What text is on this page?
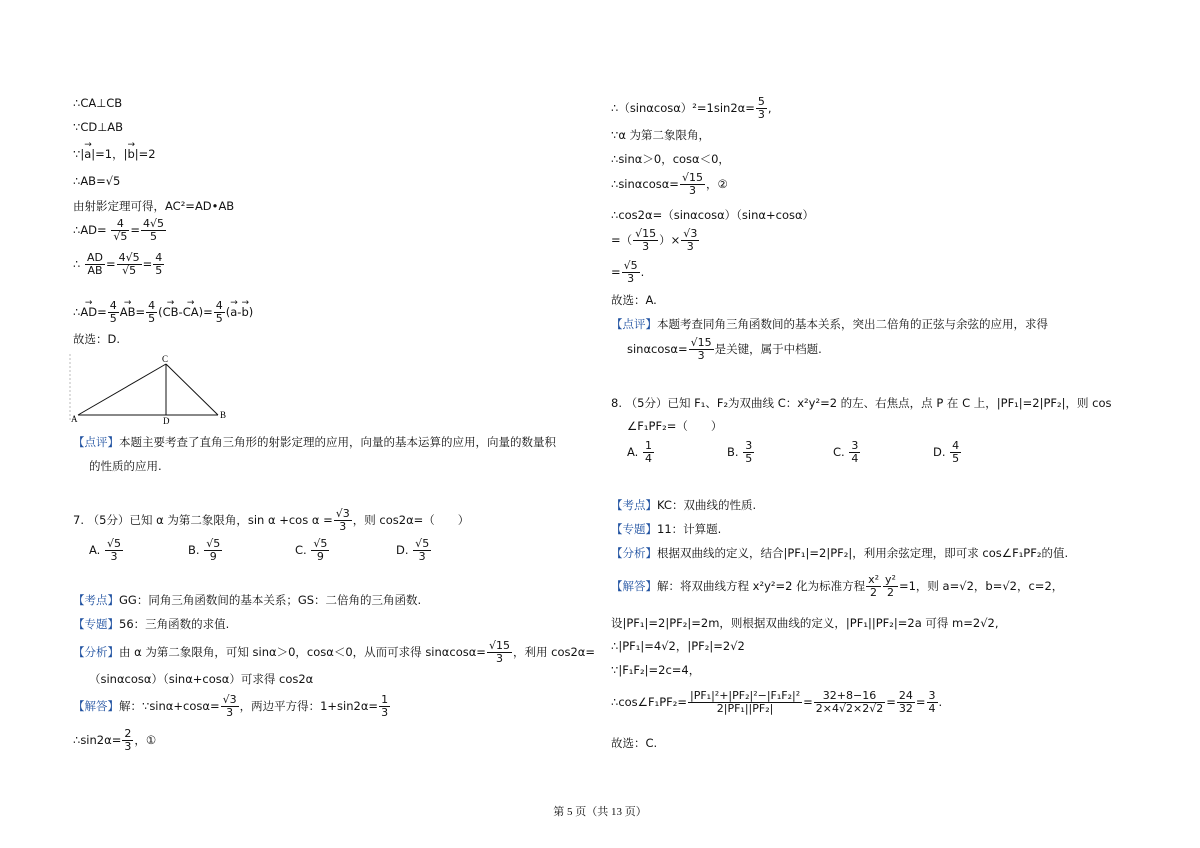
∴CA⊥CB
∵CD⊥AB
∵|→ a|=1，|→ b|=2
∴AB=√ 5
由射影定理可得，AC²=AD•AB
∴AD= 4
√ $5 = \frac{4√ 5}{5}$
∴ $\frac{AD}{AB} = 4√$ 5
√ $5 = \frac{4}{5}$
∴→ $AD= \frac{4}{5}$
→ $AB= \frac{4}{5}$ (→ $CB-\to CA)= \frac{4}{5}$ (→ a-→ b)
故选：D.
C
A	D
B
【点评】本题主要考查了直角三角形的射影定理的应用，向量的基本运算的应用，向量的数量积
的性质的应用.
7. （5分）已知 α 为第二象限角，sin α +cos α =
√ $\frac{3}{3}$ ，则 cos2α=（　　）
A. ￼
√ $\frac{5}{3}$	B. ￼
√ $\frac{5}{9}$	C.
√ $\frac{5}{9}$	D.
√ $\frac{5}{3}$
【考点】GG：同角三角函数间的基本关系；GS：二倍角的三角函数.
【专题】56：三角函数的求值.
【分析】由 α 为第二象限角，可知 sinα＞0，cosα＜0，从而可求得 sinα￼cosα=
√ $\frac{15}{3}$ ，利用 cos2α=￼
（sinα￼cosα）（sinα+cosα）可求得 cos2α
【解答】解：∵sinα+cosα=
√ $\frac{3}{3}$ ，两边平方得：$1+\sin 2\alpha= \frac{1}{3}$
∴sin2α=￼ $\frac{2}{3}$ ，①
∴（sinα￼cosα）²=1￼sin2α= $\frac{5}{3}$ ,
∵α 为第二象限角，
∴sinα＞0，cosα＜0，
∴sinα￼cosα=
√ $\frac{15}{3}$ ，②
∴cos2α=￼（sinα￼cosα）（sinα+cosα）
=（￼
√ $\frac{15}{3}$ ）×
√ $\frac{3}{3}$
=￼
√ $\frac{5}{3}$ .
故选：A.
【点评】本题考查同角三角函数间的基本关系，突出二倍角的正弦与余弦的应用，求得
sinα￼cosα=
√ $\frac{15}{3}$ 是关键，属于中档题.
8. （5分）已知 F₁、F₂为双曲线 C：x²￼y²=2 的左、右焦点，点 P 在 C 上，|PF₁|=2|PF₂|，则 cos
∠F₁PF₂=（　　）
A. $\frac{1}{4}$	B. $\frac{3}{5}$	C. $\frac{3}{4}$	D. $\frac{4}{5}$
【考点】KC：双曲线的性质.
【专题】11：计算题.
【分析】根据双曲线的定义，结合|PF₁|=2|PF₂|，利用余弦定理，即可求 cos∠F₁PF₂的值.
【解答】解：将双曲线方程 x²￼y²=2 化为标准方程 $\frac{\text{x²}}{2} \frac{\text{y²}}{2} =1$，则 a=√ 2，b=√ 2，c=2，
设|PF₁|=2|PF₂|=2m，则根据双曲线的定义，|PF₁|￼|PF₂|=2a 可得 m=2√ 2,
∴|PF₁|=4√ 2，|PF₂|=2√ 2
∵|F₁F₂|=2c=4，
∴cos∠F₁PF₂= $\frac{\text{|PF₁|²+|PF₂|²−|F₁F₂|²}}{\text{2|PF₁||PF₂|}} = \frac{32+8-16}{2\times 4√ 2\times 2√ 2} = \frac{24}{32} = \frac{3}{4}$ .
故选：C.
第 5 页（共 13 页）
